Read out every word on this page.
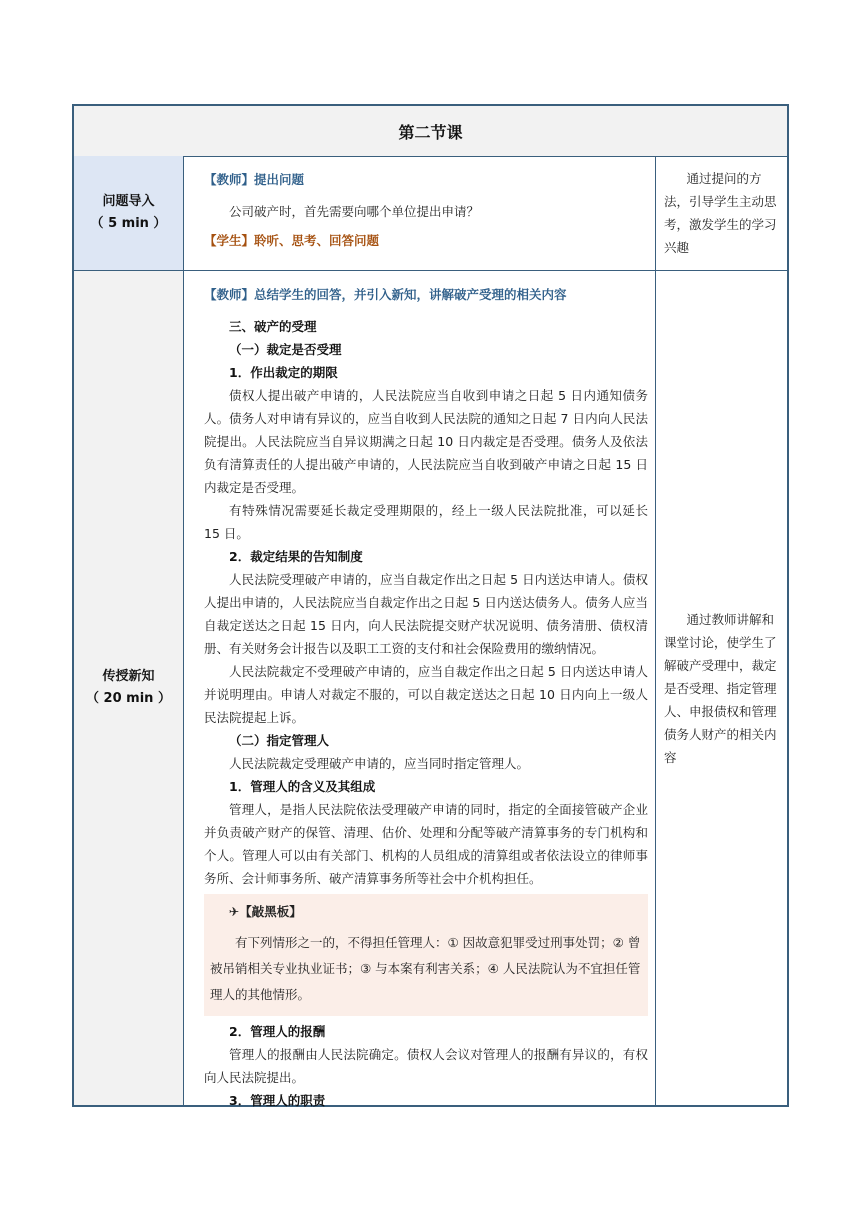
第二节课
问题导入
（ 5 min ）
【教师】提出问题

公司破产时，首先需要向哪个单位提出申请？

【学生】聆听、思考、回答问题

通过提问的方法，引导学生主动思考，激发学生的学习兴趣

传授新知
（ 20 min ）
【教师】总结学生的回答，并引入新知，讲解破产受理的相关内容

三、破产的受理

（一）裁定是否受理

1．作出裁定的期限

债权人提出破产申请的，人民法院应当自收到申请之日起 5 日内通知债务人。债务人对申请有异议的，应当自收到人民法院的通知之日起 7 日内向人民法院提出。人民法院应当自异议期满之日起 10 日内裁定是否受理。债务人及依法负有清算责任的人提出破产申请的，人民法院应当自收到破产申请之日起 15 日内裁定是否受理。

有特殊情况需要延长裁定受理期限的，经上一级人民法院批准，可以延长 15 日。

2．裁定结果的告知制度

人民法院受理破产申请的，应当自裁定作出之日起 5 日内送达申请人。债权人提出申请的，人民法院应当自裁定作出之日起 5 日内送达债务人。债务人应当自裁定送达之日起 15 日内，向人民法院提交财产状况说明、债务清册、债权清册、有关财务会计报告以及职工工资的支付和社会保险费用的缴纳情况。

人民法院裁定不受理破产申请的，应当自裁定作出之日起 5 日内送达申请人并说明理由。申请人对裁定不服的，可以自裁定送达之日起 10 日内向上一级人民法院提起上诉。

（二）指定管理人

人民法院裁定受理破产申请的，应当同时指定管理人。

1．管理人的含义及其组成

管理人，是指人民法院依法受理破产申请的同时，指定的全面接管破产企业并负责破产财产的保管、清理、估价、处理和分配等破产清算事务的专门机构和个人。管理人可以由有关部门、机构的人员组成的清算组或者依法设立的律师事务所、会计师事务所、破产清算事务所等社会中介机构担任。

✈【敲黑板】

有下列情形之一的，不得担任管理人：① 因故意犯罪受过刑事处罚；② 曾被吊销相关专业执业证书；③ 与本案有利害关系；④ 人民法院认为不宜担任管理人的其他情形。

2．管理人的报酬

管理人的报酬由人民法院确定。债权人会议对管理人的报酬有异议的，有权向人民法院提出。

3．管理人的职责

通过教师讲解和课堂讨论，使学生了解破产受理中，裁定是否受理、指定管理人、申报债权和管理债务人财产的相关内容
